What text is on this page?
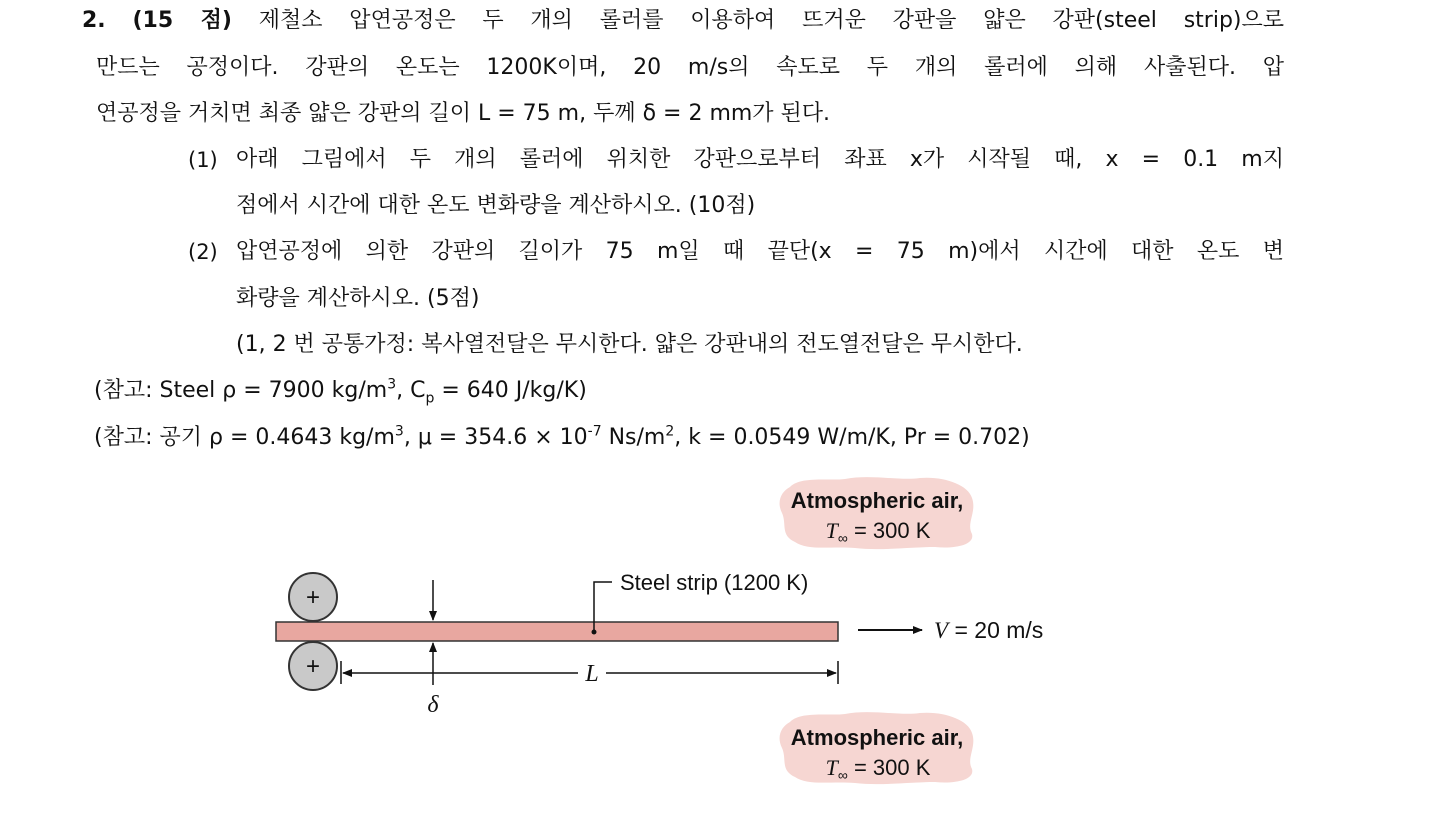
2. (15 점) 제철소 압연공정은 두 개의 롤러를 이용하여 뜨거운 강판을 얇은 강판(steel strip)으로
만드는 공정이다. 강판의 온도는 1200K이며, 20 m/s의 속도로 두 개의 롤러에 의해 사출된다. 압
연공정을 거치면 최종 얇은 강판의 길이 L = 75 m, 두께 δ = 2 mm가 된다.
(1) 아래 그림에서 두 개의 롤러에 위치한 강판으로부터 좌표 x가 시작될 때, x = 0.1 m지
점에서 시간에 대한 온도 변화량을 계산하시오. (10점)
(2) 압연공정에 의한 강판의 길이가 75 m일 때 끝단(x = 75 m)에서 시간에 대한 온도 변
화량을 계산하시오. (5점)
(1, 2 번 공통가정: 복사열전달은 무시한다. 얇은 강판내의 전도열전달은 무시한다.
(참고: Steel ρ = 7900 $kg/m^3$, $C_p = 640$ J/kg/K)
(참고: 공기 ρ = 0.4643 $kg/m^3$, $\mu = 354.6 \times 10^{-7}$ $Ns/m^2$, k = 0.0549 W/m/K, Pr = 0.702)
Atmospheric air,
$T_\infty = 300$ K
Atmospheric air,
$T_\infty = 300$ K
+
+
δ
Steel strip (1200 K)
V = 20 m/s
L
